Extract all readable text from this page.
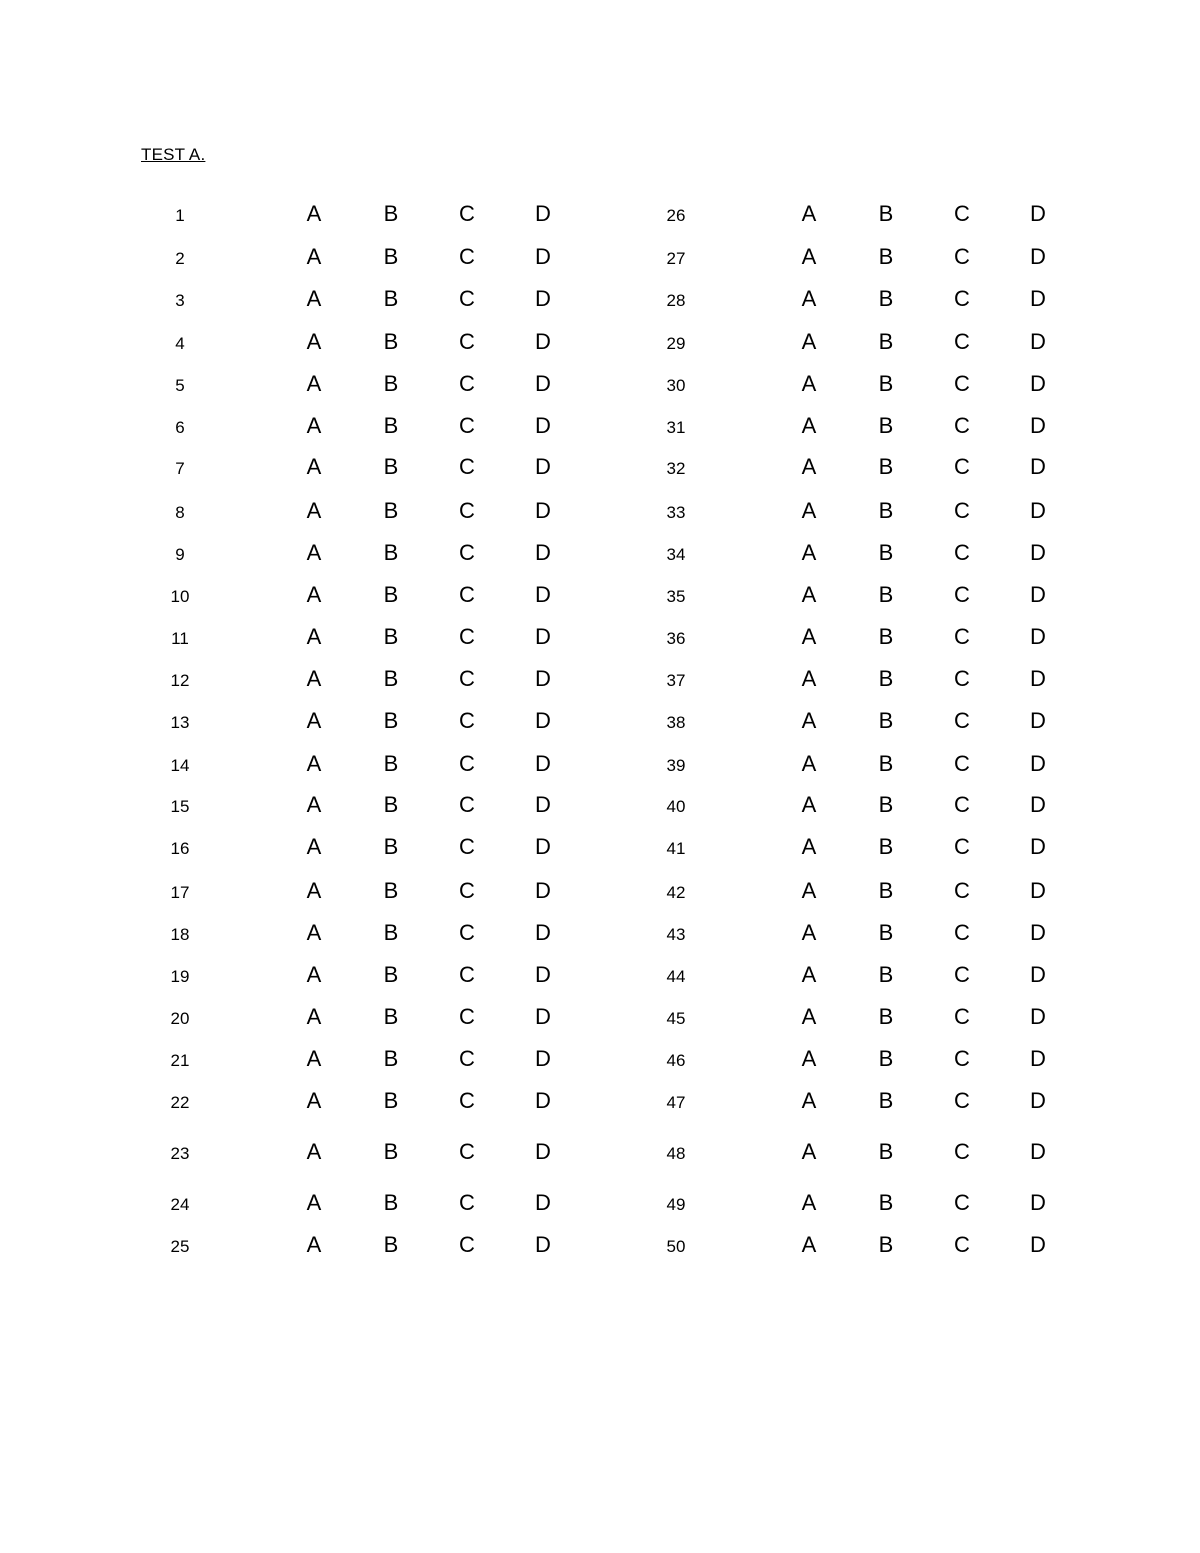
TEST A.
1	A	B	C	D
2	A	B	C	D
3	A	B	C	D
4	A	B	C	D
5	A	B	C	D
6	A	B	C	D
7	A	B	C	D
8	A	B	C	D
9	A	B	C	D
10	A	B	C	D
11	A	B	C	D
12	A	B	C	D
13	A	B	C	D
14	A	B	C	D
15	A	B	C	D
16	A	B	C	D
17	A	B	C	D
18	A	B	C	D
19	A	B	C	D
20	A	B	C	D
21	A	B	C	D
22	A	B	C	D
23	A	B	C	D
24	A	B	C	D
25	A	B	C	D
26	A	B	C	D
27	A	B	C	D
28	A	B	C	D
29	A	B	C	D
30	A	B	C	D
31	A	B	C	D
32	A	B	C	D
33	A	B	C	D
34	A	B	C	D
35	A	B	C	D
36	A	B	C	D
37	A	B	C	D
38	A	B	C	D
39	A	B	C	D
40	A	B	C	D
41	A	B	C	D
42	A	B	C	D
43	A	B	C	D
44	A	B	C	D
45	A	B	C	D
46	A	B	C	D
47	A	B	C	D
48	A	B	C	D
49	A	B	C	D
50	A	B	C	D
